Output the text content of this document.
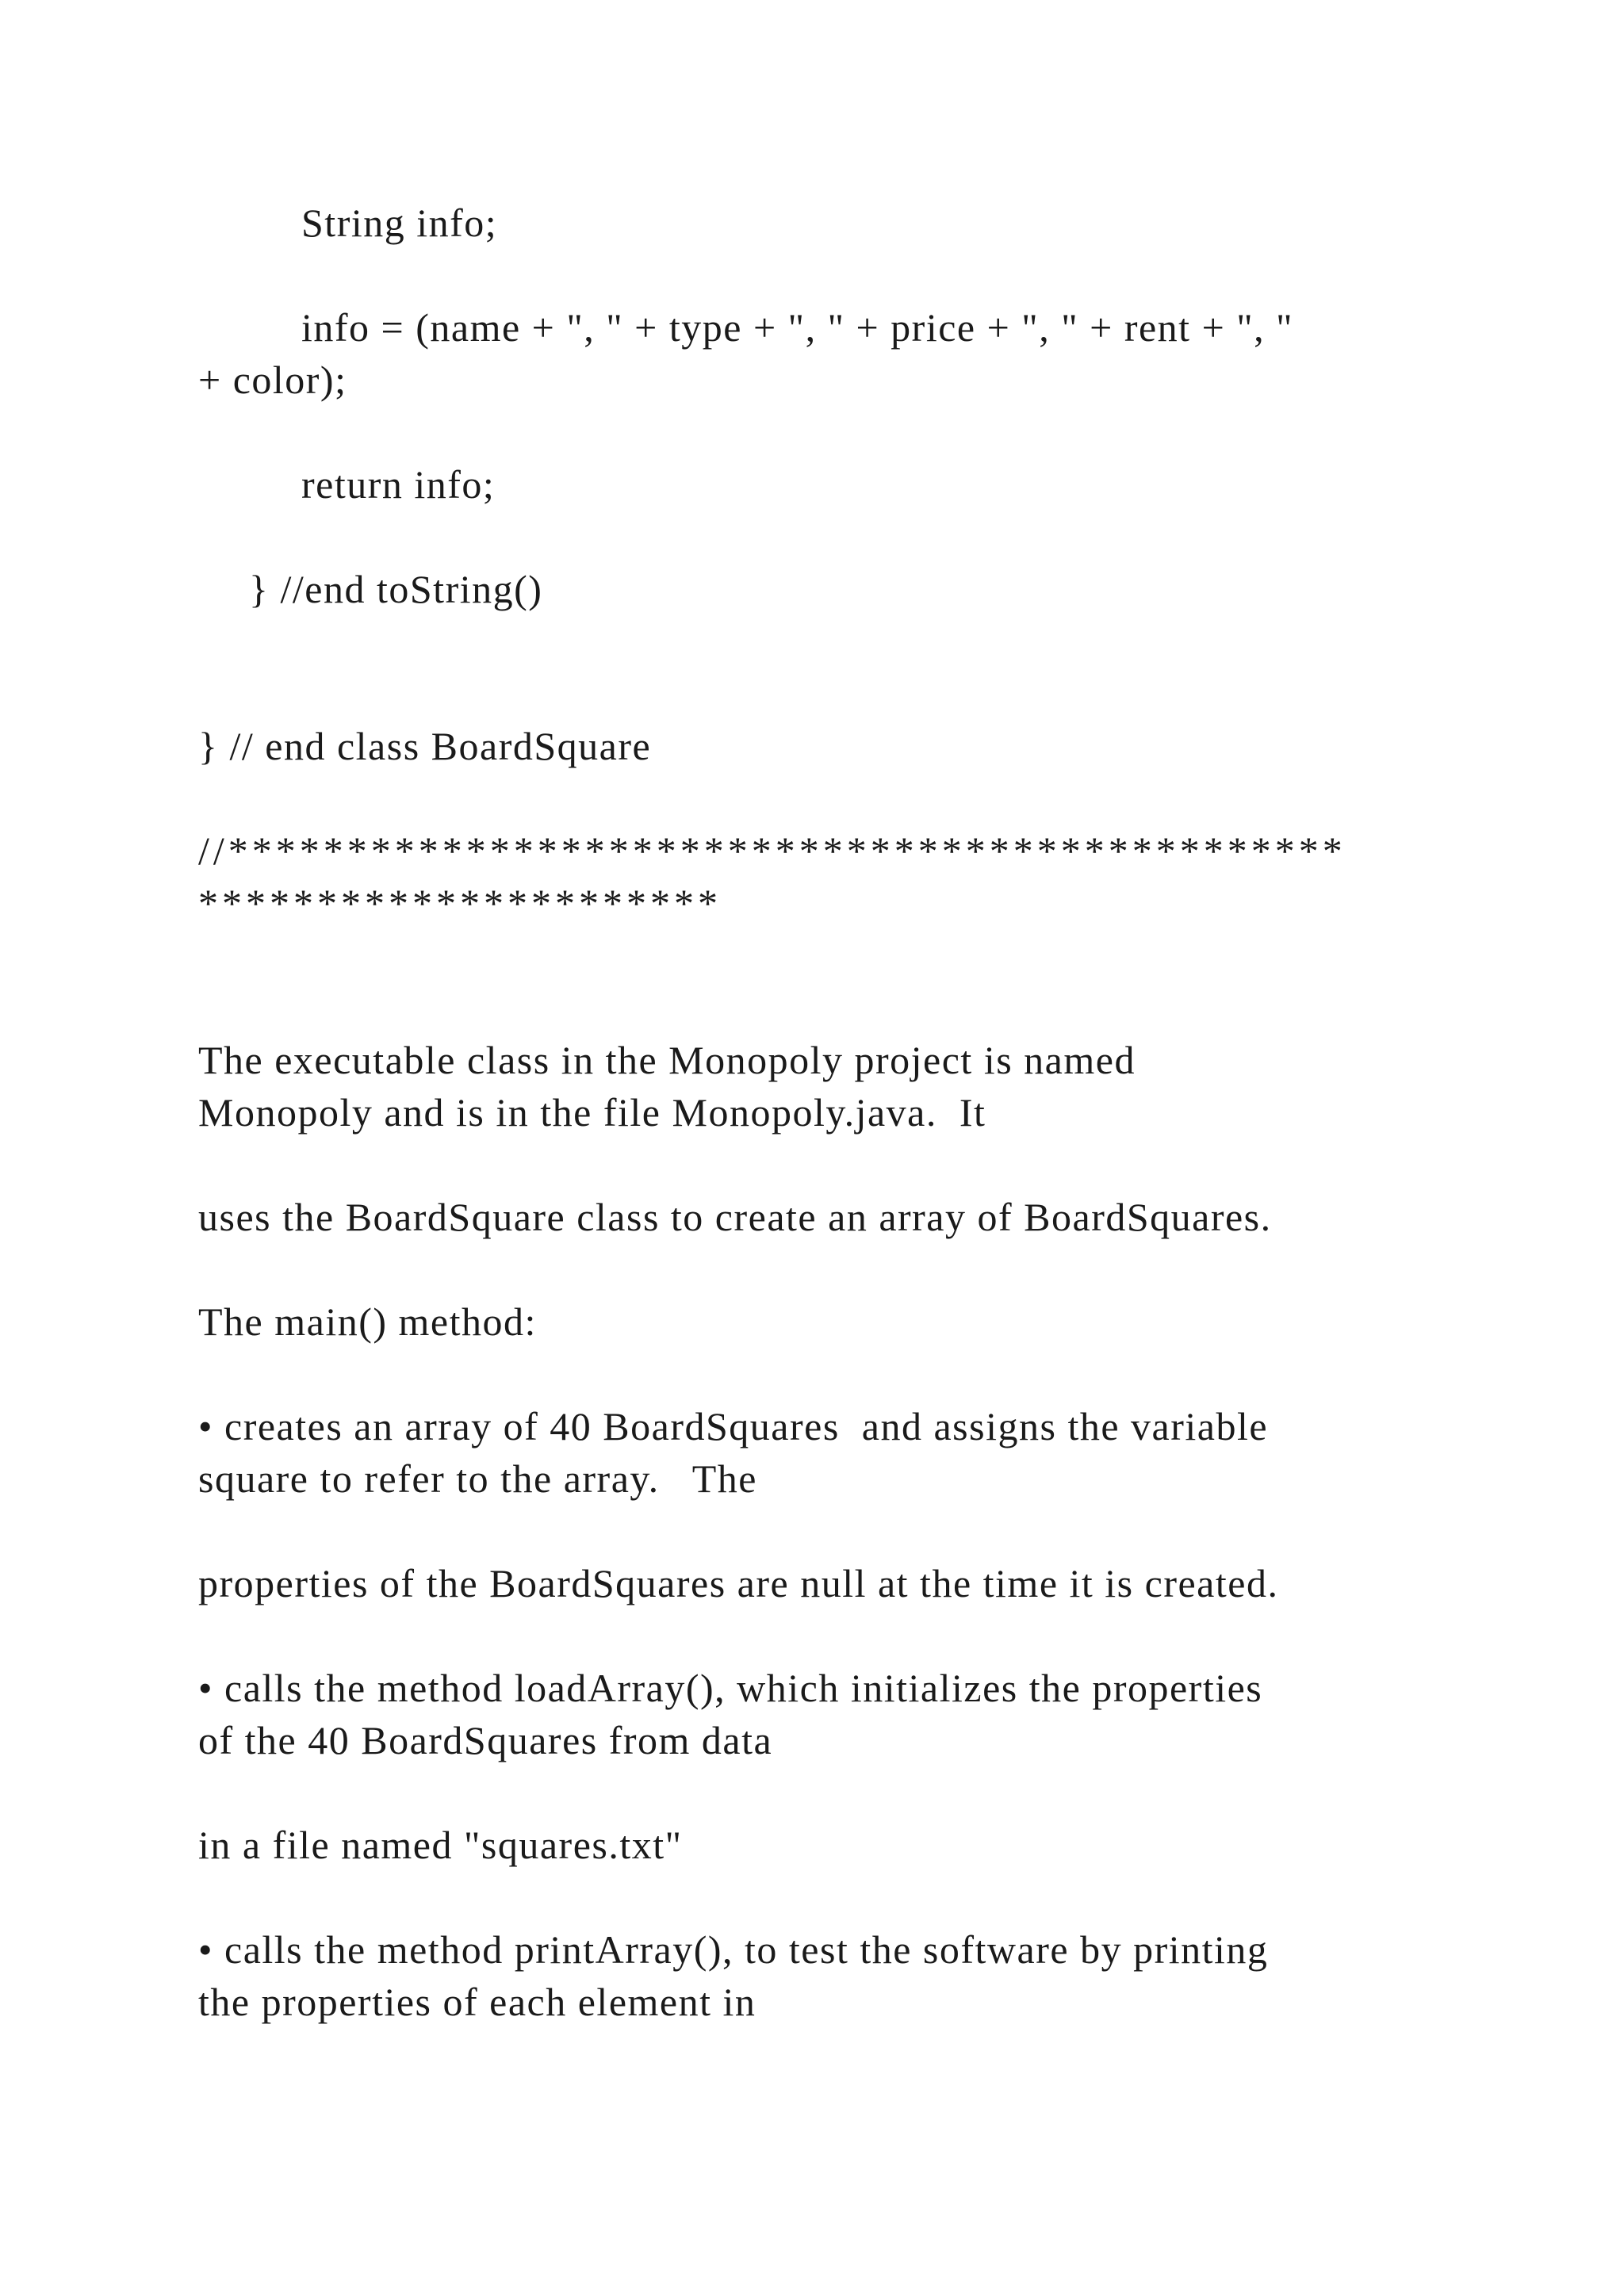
String info;
info = (name + ", " + type + ", " + price + ", " + rent + ", "
+ color);
return info;
} //end toString()
} // end class BoardSquare
//***********************************************
**********************
The executable class in the Monopoly project is named
Monopoly and is in the file Monopoly.java.  It
uses the BoardSquare class to create an array of BoardSquares.
The main() method:
• creates an array of 40 BoardSquares  and assigns the variable
square to refer to the array.   The
properties of the BoardSquares are null at the time it is created.
• calls the method loadArray(), which initializes the properties
of the 40 BoardSquares from data
in a file named "squares.txt"
• calls the method printArray(), to test the software by printing
the properties of each element in
